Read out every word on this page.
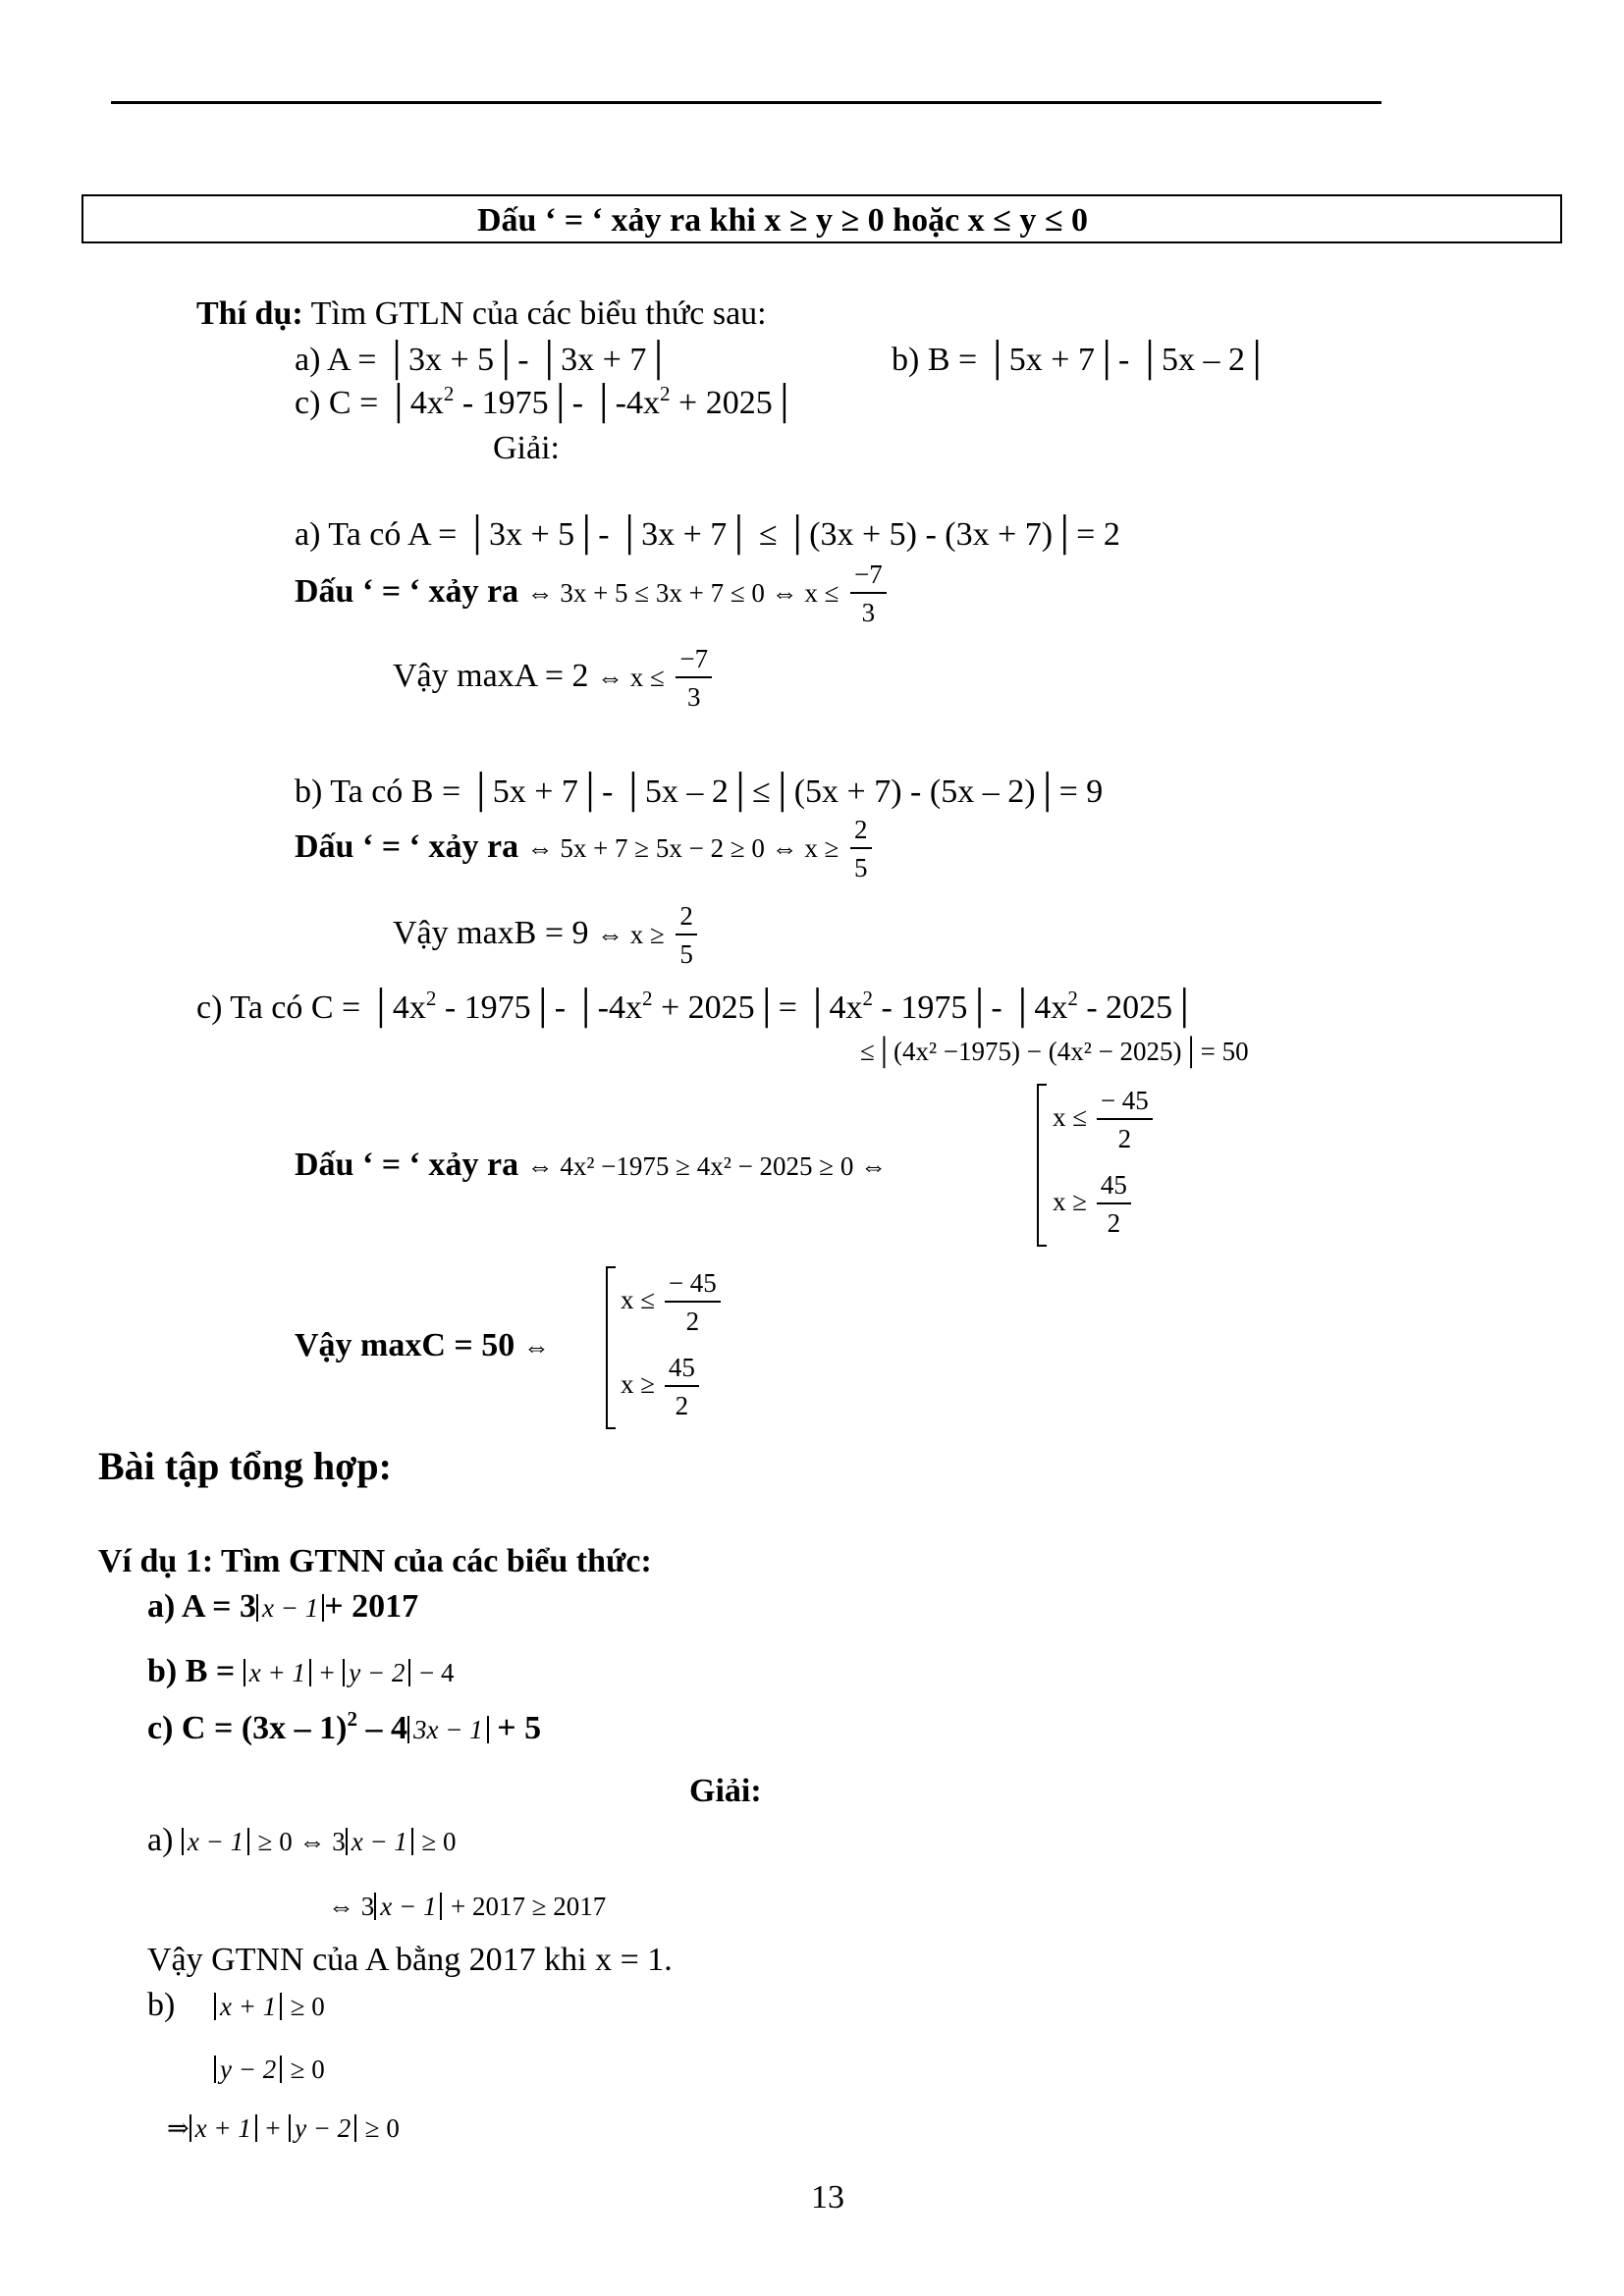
Dấu ‘ = ‘ xảy ra khi x ≥ y ≥ 0 hoặc x ≤ y ≤ 0
Thí dụ: Tìm GTLN của các biểu thức sau:
a) A = │3x + 5│- │3x + 7│	b) B = │5x + 7│- │5x – 2│
c) $C = │4x^2$ - 1975│- $│-4x^2$ + 2025│
Giải:
a) Ta có A = │3x + 5│- │3x + 7│ ≤ │(3x + 5) - (3x + 7)│= 2
Dấu ‘ = ‘ xảy ra ⇔ 3x + 5 ≤ 3x + 7 ≤ 0 ⇔ $x \le \frac{-7}{3}$
Vậy maxA = 2 ⇔ $x \le \frac{-7}{3}$
b) Ta có B = │5x + 7│- │5x – 2│≤│(5x + 7) - (5x – 2)│= 9
Dấu ‘ = ‘ xảy ra ⇔ 5x + 7 ≥ 5x − 2 ≥ 0 ⇔ $x \ge \frac{2}{5}$
Vậy maxB = 9 ⇔ $x \ge \frac{2}{5}$
c) Ta có $C = │4x^2$ - 1975│- $│-4x^2$ + 2025│= $│4x^2$ - 1975│- $│4x^2$ - 2025│
≤│(4x² −1975) − (4x² − 2025)│= 50
Dấu ‘ = ‘ xảy ra ⇔ 4x² −1975 ≥ 4x² − 2025 ≥ 0 ⇔
$x \le \frac{- 45}{2}$
$x \ge \frac{45}{2}$
Vậy maxC = 50 ⇔
$x \le \frac{- 45}{2}$
$x \ge \frac{45}{2}$
Bài tập tổng hợp:
Ví dụ 1: Tìm GTNN của các biểu thức:
a) A = 3 x − 1 + 2017
b) B = x + 1 + y − 2 − 4
c) C = (3x – 1)$^2$ – 4 3x − 1 + 5
Giải:
a) x − 1 ≥ 0 ⇔ 3 x − 1 ≥ 0
⇔ 3 x − 1 + 2017 ≥ 2017
Vậy GTNN của A bằng 2017 khi x = 1.
b) x + 1 ≥ 0
y − 2 ≥ 0
⇒ x + 1 + y − 2 ≥ 0
13
